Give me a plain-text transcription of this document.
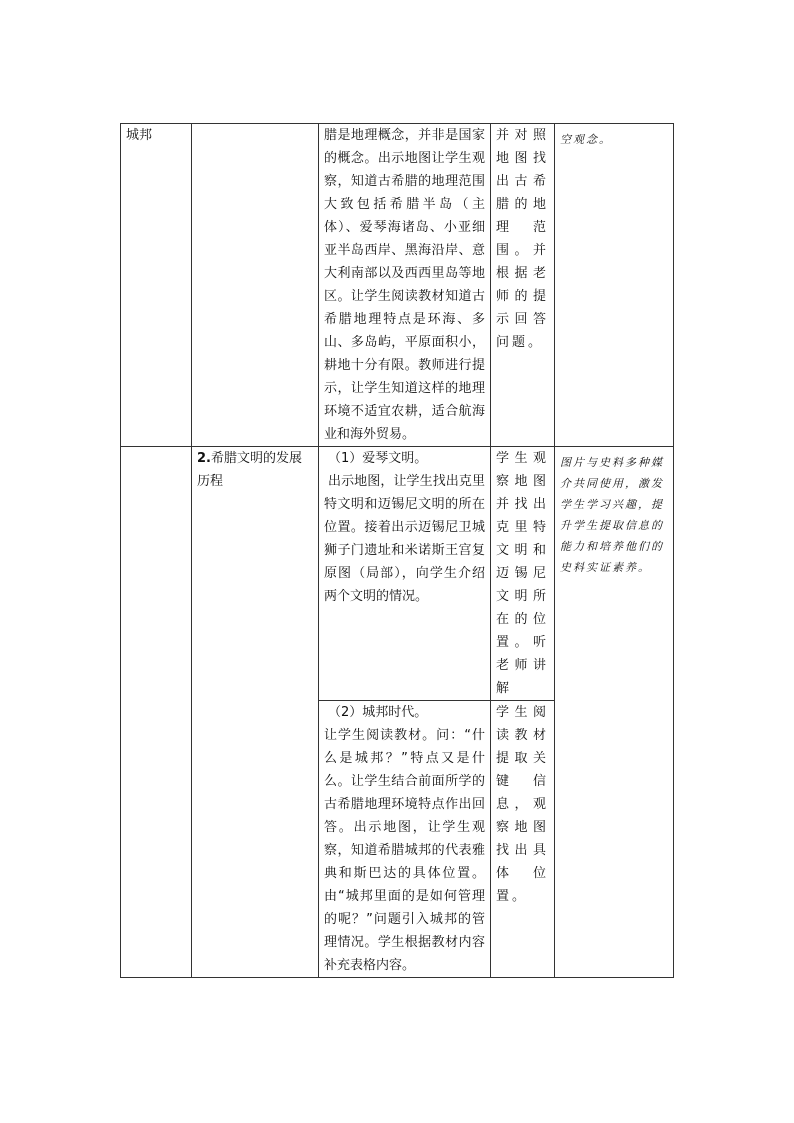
城邦		腊是地理概念，并非是国家的概念。出示地图让学生观察，知道古希腊的地理范围大致包括希腊半岛（主体）、爱琴海诸岛、小亚细亚半岛西岸、黑海沿岸、意大利南部以及西西里岛等地区。让学生阅读教材知道古希腊地理特点是环海、多山、多岛屿，平原面积小，耕地十分有限。教师进行提示，让学生知道这样的地理环境不适宜农耕，适合航海业和海外贸易。	并对照地图找出古希腊的地理范围。并根据老师的提示回答问题。	空观念。

	2.希腊文明的发展历程	（1）爱琴文明。
出示地图，让学生找出克里特文明和迈锡尼文明的所在位置。接着出示迈锡尼卫城狮子门遗址和米诺斯王宫复原图（局部），向学生介绍两个文明的情况。	学生观察地图并找出克里特文明和迈锡尼文明所在的位置。听老师讲解	图片与史料多种媒介共同使用，激发学生学习兴趣，提升学生提取信息的能力和培养他们的史料实证素养。

		（2）城邦时代。
让学生阅读教材。问：“什么是城邦？”特点又是什么。让学生结合前面所学的古希腊地理环境特点作出回答。出示地图，让学生观察，知道希腊城邦的代表雅典和斯巴达的具体位置。由“城邦里面的是如何管理的呢？”问题引入城邦的管理情况。学生根据教材内容补充表格内容。	学生阅读教材提取关键信息，观察地图找出具体位置。	
